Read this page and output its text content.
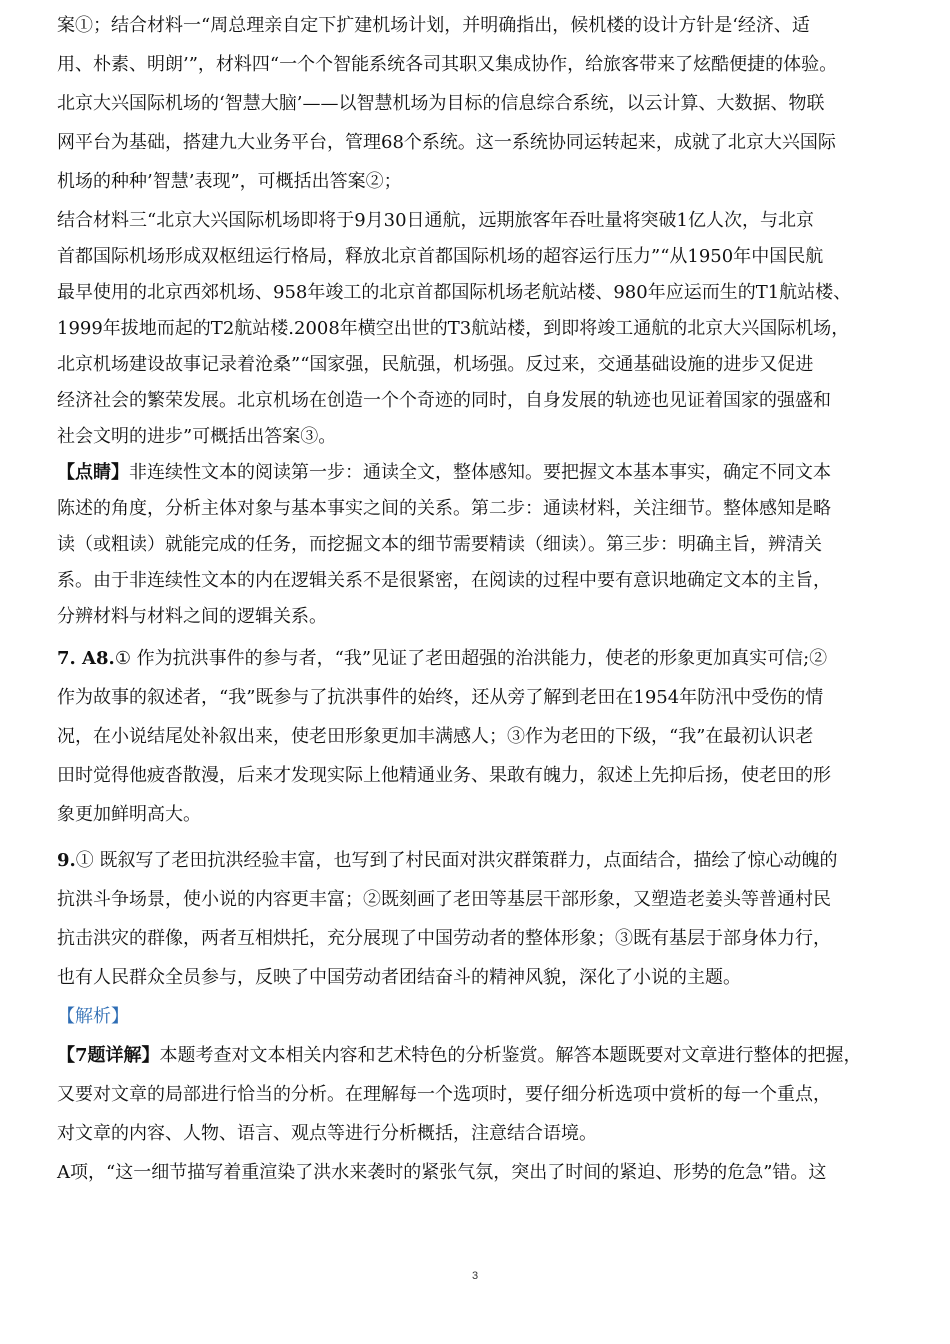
案①；结合材料一“周总理亲自定下扩建机场计划，并明确指出，候机楼的设计方针是‘经济、适
用、朴素、明朗’”，材料四“一个个智能系统各司其职又集成协作，给旅客带来了炫酷便捷的体验。
北京大兴国际机场的‘智慧大脑’——以智慧机场为目标的信息综合系统，以云计算、大数据、物联
网平台为基础，搭建九大业务平台，管理68个系统。这一系统协同运转起来，成就了北京大兴国际
机场的种种’智慧’表现”，可概括出答案②；
结合材料三“北京大兴国际机场即将于9月30日通航，远期旅客年吞吐量将突破1亿人次，与北京
首都国际机场形成双枢纽运行格局，释放北京首都国际机场的超容运行压力”“从1950年中国民航
最早使用的北京西郊机场、958年竣工的北京首都国际机场老航站楼、980年应运而生的T1航站楼、
1999年拔地而起的T2航站楼.2008年横空出世的T3航站楼，到即将竣工通航的北京大兴国际机场，
北京机场建设故事记录着沧桑”“国家强，民航强，机场强。反过来，交通基础设施的进步又促进
经济社会的繁荣发展。北京机场在创造一个个奇迹的同时，自身发展的轨迹也见证着国家的强盛和
社会文明的进步”可概括出答案③。
【点睛】非连续性文本的阅读第一步：通读全文，整体感知。要把握文本基本事实，确定不同文本
陈述的角度，分析主体对象与基本事实之间的关系。第二步：通读材料，关注细节。整体感知是略
读（或粗读）就能完成的任务，而挖掘文本的细节需要精读（细读）。第三步：明确主旨，辨清关
系。由于非连续性文本的内在逻辑关系不是很紧密，在阅读的过程中要有意识地确定文本的主旨，
分辨材料与材料之间的逻辑关系。
7. A8.① 作为抗洪事件的参与者，“我”见证了老田超强的治洪能力，使老的形象更加真实可信;②
作为故事的叙述者，“我”既参与了抗洪事件的始终，还从旁了解到老田在1954年防汛中受伤的情
况，在小说结尾处补叙出来，使老田形象更加丰满感人；③作为老田的下级，“我”在最初认识老
田时觉得他疲沓散漫，后来才发现实际上他精通业务、果敢有魄力，叙述上先抑后扬，使老田的形
象更加鲜明高大。
9.① 既叙写了老田抗洪经验丰富，也写到了村民面对洪灾群策群力，点面结合，描绘了惊心动魄的
抗洪斗争场景，使小说的内容更丰富；②既刻画了老田等基层干部形象，又塑造老姜头等普通村民
抗击洪灾的群像，两者互相烘托，充分展现了中国劳动者的整体形象；③既有基层于部身体力行，
也有人民群众全员参与，反映了中国劳动者团结奋斗的精神风貌，深化了小说的主题。
【解析】
【7题详解】本题考查对文本相关内容和艺术特色的分析鉴赏。解答本题既要对文章进行整体的把握，
又要对文章的局部进行恰当的分析。在理解每一个选项时，要仔细分析选项中赏析的每一个重点，
对文章的内容、人物、语言、观点等进行分析概括，注意结合语境。
A项，“这一细节描写着重渲染了洪水来袭时的紧张气氛，突出了时间的紧迫、形势的危急”错。这
3
